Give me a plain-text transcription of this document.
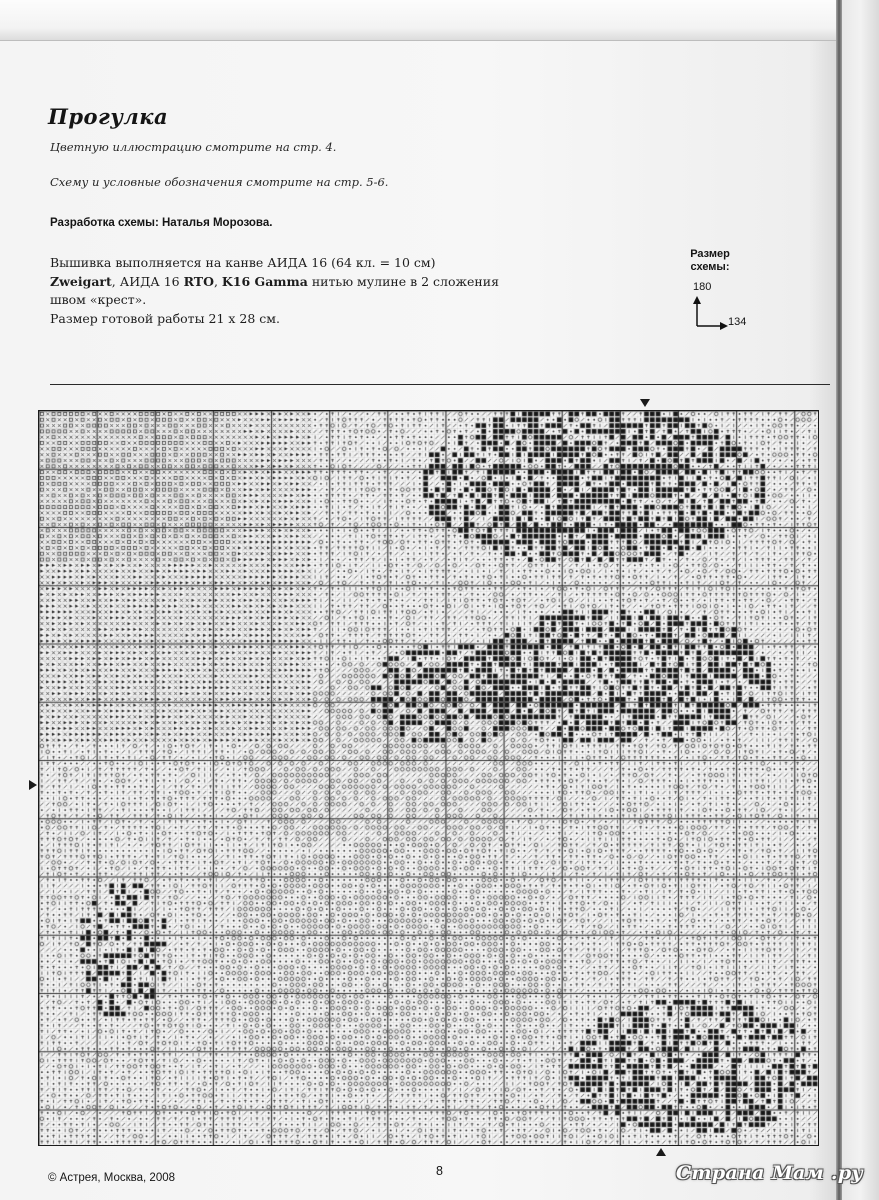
Прогулка

Цветную иллюстрацию смотрите на стр. 4.

Схему и условные обозначения смотрите на стр. 5-6.

Разработка схемы: Наталья Морозова.

Вышивка выполняется на канве АИДА 16 (64 кл. = 10 см)
Zweigart, АИДА 16 RTO, K16 Gamma нитью мулине в 2 сложения швом «крест».
Размер готовой работы 21 х 28 см.

Размер
схемы:

180
134

© Астрея, Москва, 2008	8	Страна Мам .ру
